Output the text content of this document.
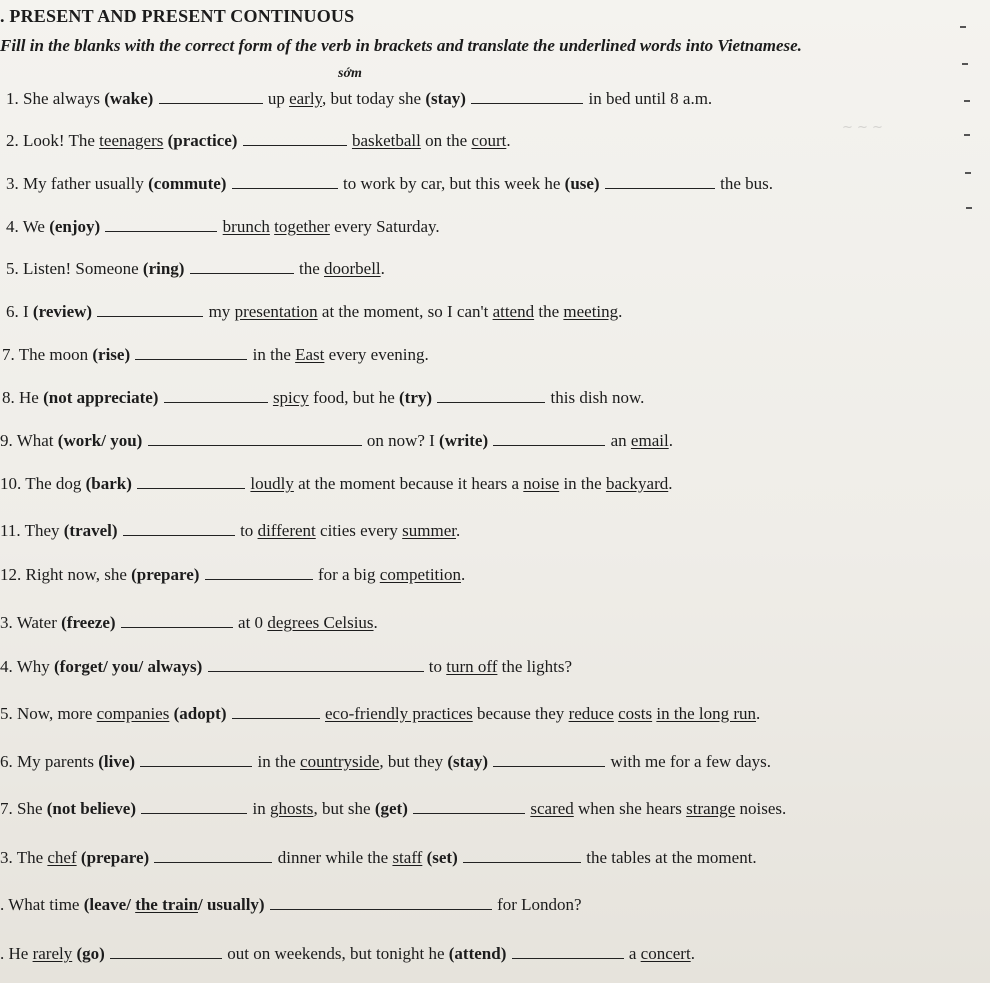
. PRESENT AND PRESENT CONTINUOUS
Fill in the blanks with the correct form of the verb in brackets and translate the underlined words into Vietnamese.
sớm
~ ~ ~
1. She always (wake)	up early, but today she (stay)	in bed until 8 a.m.
2. Look! The teenagers (practice)	basketball on the court.
3. My father usually (commute)	to work by car, but this week he (use)	the bus.
4. We (enjoy)	brunch together every Saturday.
5. Listen! Someone (ring)	the doorbell.
6. I (review)	my presentation at the moment, so I can't attend the meeting.
7. The moon (rise)	in the East every evening.
8. He (not appreciate)	spicy food, but he (try)	this dish now.
9. What (work/ you)	on now? I (write)	an email.
10. The dog (bark)	loudly at the moment because it hears a noise in the backyard.
11. They (travel)	to different cities every summer.
12. Right now, she (prepare)	for a big competition.
3. Water (freeze)	at 0 degrees Celsius.
4. Why (forget/ you/ always)	to turn off the lights?
5. Now, more companies (adopt)	eco-friendly practices because they reduce costs in the long run.
6. My parents (live)	in the countryside, but they (stay)	with me for a few days.
7. She (not believe)	in ghosts, but she (get)	scared when she hears strange noises.
3. The chef (prepare)	dinner while the staff (set)	the tables at the moment.
. What time (leave/ the train/ usually)	for London?
. He rarely (go)	out on weekends, but tonight he (attend)	a concert.
